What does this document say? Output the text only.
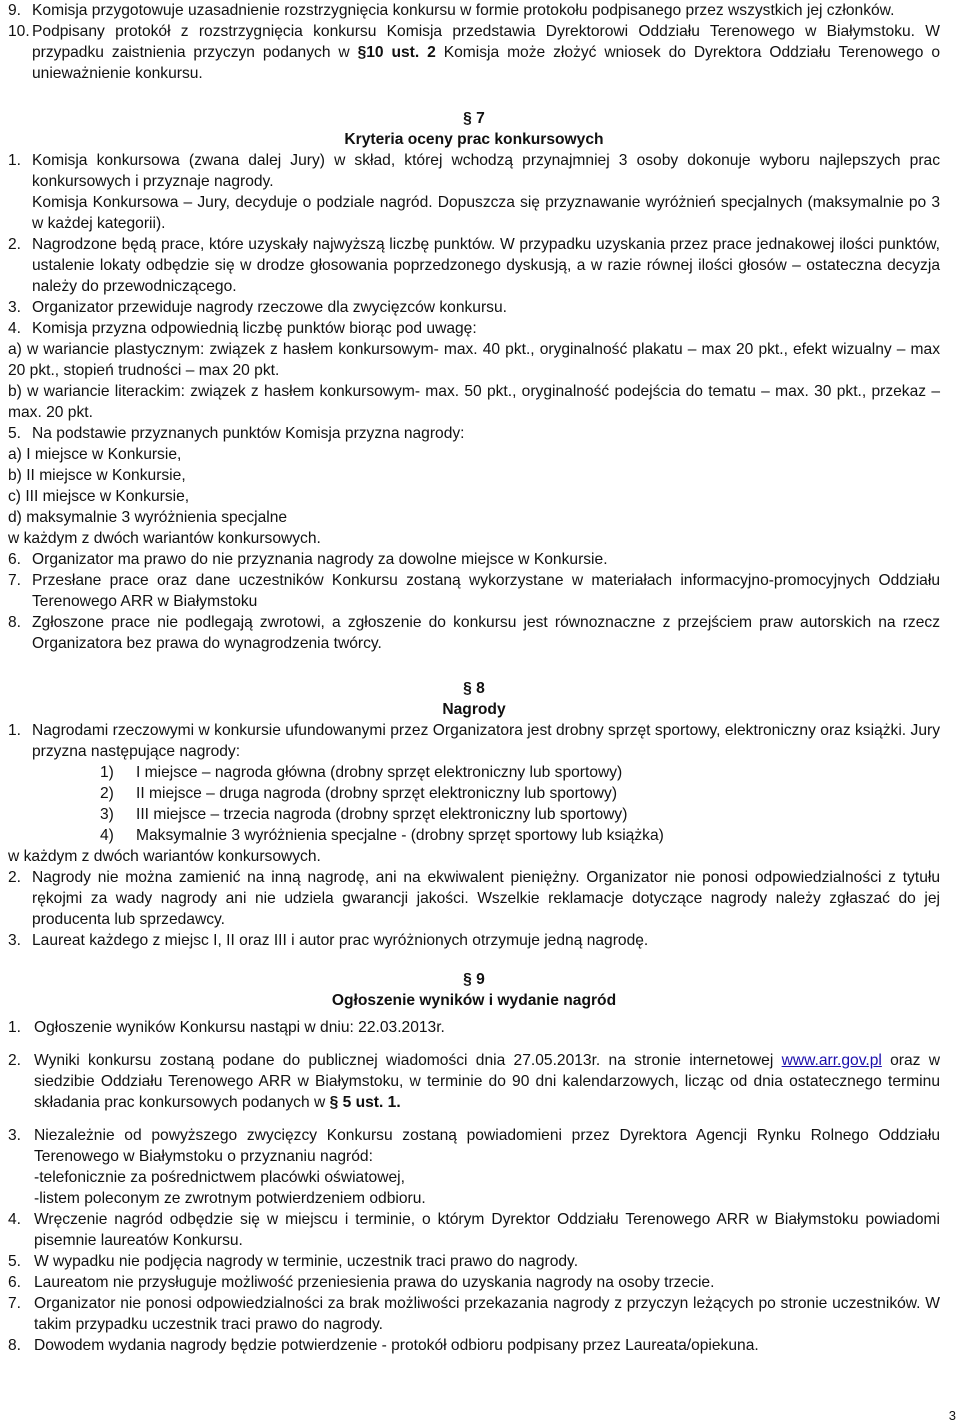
9. Komisja przygotowuje uzasadnienie rozstrzygnięcia konkursu w formie protokołu podpisanego przez wszystkich jej członków.
10. Podpisany protokół z rozstrzygnięcia konkursu Komisja przedstawia Dyrektorowi Oddziału Terenowego w Białymstoku. W przypadku zaistnienia przyczyn podanych w §10 ust. 2 Komisja może złożyć wniosek do Dyrektora Oddziału Terenowego o unieważnienie konkursu.
§ 7
Kryteria oceny prac konkursowych
1. Komisja konkursowa (zwana dalej Jury) w skład, której wchodzą przynajmniej 3 osoby dokonuje wyboru najlepszych prac konkursowych i przyznaje nagrody.
Komisja Konkursowa – Jury, decyduje o podziale nagród. Dopuszcza się przyznawanie wyróżnień specjalnych (maksymalnie po 3 w każdej kategorii).
2. Nagrodzone będą prace, które uzyskały najwyższą liczbę punktów. W przypadku uzyskania przez prace jednakowej ilości punktów, ustalenie lokaty odbędzie się w drodze głosowania poprzedzonego dyskusją, a w razie równej ilości głosów – ostateczna decyzja należy do przewodniczącego.
3. Organizator przewiduje nagrody rzeczowe dla zwycięzców konkursu.
4. Komisja przyzna odpowiednią liczbę punktów biorąc pod uwagę:
a) w wariancie plastycznym: związek z hasłem konkursowym- max. 40 pkt., oryginalność plakatu – max 20 pkt., efekt wizualny – max 20 pkt., stopień trudności – max 20 pkt.
b) w wariancie literackim: związek z hasłem konkursowym- max. 50 pkt., oryginalność podejścia do tematu – max. 30 pkt., przekaz – max. 20 pkt.
5. Na podstawie przyznanych punktów Komisja przyzna nagrody:
a) I miejsce w Konkursie,
b) II miejsce w Konkursie,
c) III miejsce w Konkursie,
d) maksymalnie 3 wyróżnienia specjalne
w każdym z dwóch wariantów konkursowych.
6. Organizator ma prawo do nie przyznania nagrody za dowolne miejsce w Konkursie.
7. Przesłane prace oraz dane uczestników Konkursu zostaną wykorzystane w materiałach informacyjno-promocyjnych Oddziału Terenowego ARR w Białymstoku
8. Zgłoszone prace nie podlegają zwrotowi, a zgłoszenie do konkursu jest równoznaczne z przejściem praw autorskich na rzecz Organizatora bez prawa do wynagrodzenia twórcy.
§ 8
Nagrody
1. Nagrodami rzeczowymi w konkursie ufundowanymi przez Organizatora jest drobny sprzęt sportowy, elektroniczny oraz książki. Jury przyzna następujące nagrody:
1)	I miejsce – nagroda główna (drobny sprzęt elektroniczny lub sportowy)
2)	II miejsce – druga nagroda (drobny sprzęt elektroniczny lub sportowy)
3)	III miejsce – trzecia nagroda (drobny sprzęt elektroniczny lub sportowy)
4)	Maksymalnie 3 wyróżnienia specjalne - (drobny sprzęt sportowy lub książka)
w każdym z dwóch wariantów konkursowych.
2. Nagrody nie można zamienić na inną nagrodę, ani na ekwiwalent pieniężny. Organizator nie ponosi odpowiedzialności z tytułu rękojmi za wady nagrody ani nie udziela gwarancji jakości. Wszelkie reklamacje dotyczące nagrody należy zgłaszać do jej producenta lub sprzedawcy.
3. Laureat każdego z miejsc I, II oraz III i autor prac wyróżnionych otrzymuje jedną nagrodę.
§ 9
Ogłoszenie wyników i wydanie nagród
1. Ogłoszenie wyników Konkursu nastąpi w dniu: 22.03.2013r.
2. Wyniki konkursu zostaną podane do publicznej wiadomości dnia 27.05.2013r. na stronie internetowej www.arr.gov.pl oraz w siedzibie Oddziału Terenowego ARR w Białymstoku, w terminie do 90 dni kalendarzowych, licząc od dnia ostatecznego terminu składania prac konkursowych podanych w § 5 ust. 1.
3. Niezależnie od powyższego zwycięzcy Konkursu zostaną powiadomieni przez Dyrektora Agencji Rynku Rolnego Oddziału Terenowego w Białymstoku o przyznaniu nagród:
-telefonicznie za pośrednictwem placówki oświatowej,
-listem poleconym ze zwrotnym potwierdzeniem odbioru.
4. Wręczenie nagród odbędzie się w miejscu i terminie, o którym Dyrektor Oddziału Terenowego ARR w Białymstoku powiadomi pisemnie laureatów Konkursu.
5. W wypadku nie podjęcia nagrody w terminie, uczestnik traci prawo do nagrody.
6. Laureatom nie przysługuje możliwość przeniesienia prawa do uzyskania nagrody na osoby trzecie.
7. Organizator nie ponosi odpowiedzialności za brak możliwości przekazania nagrody z przyczyn leżących po stronie uczestników. W takim przypadku uczestnik traci prawo do nagrody.
8. Dowodem wydania nagrody będzie potwierdzenie - protokół odbioru podpisany przez Laureata/opiekuna.
3
